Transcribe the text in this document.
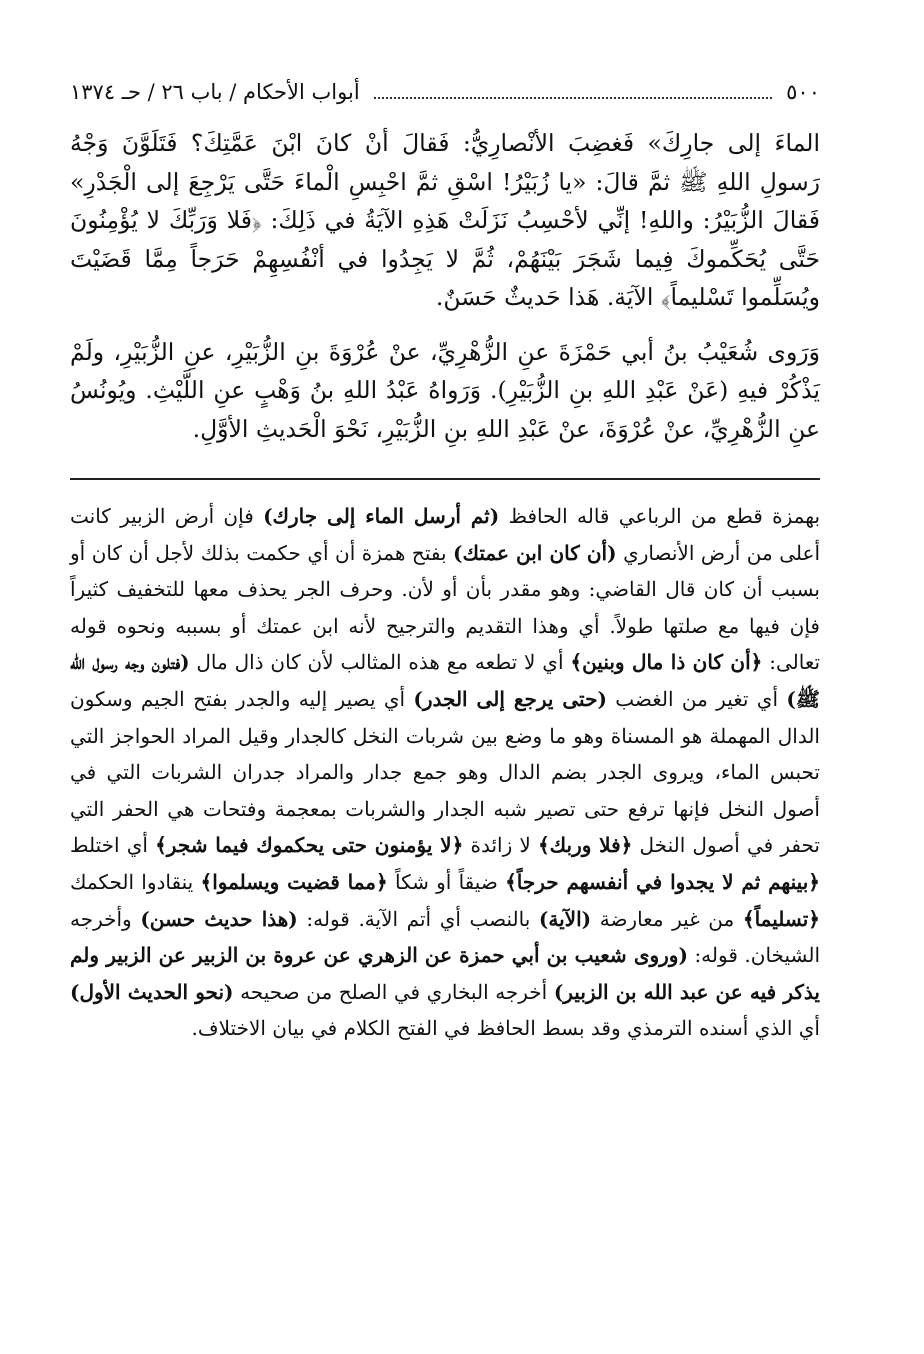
٥٠٠
أبواب الأحكام / باب ٢٦ / حـ ١٣٧٤

الماءَ إلى جارِكَ» فَغضِبَ الأنْصارِيُّ: فَقالَ أنْ كانَ ابْنَ عَمَّتِكَ؟ فَتَلَوَّنَ وَجْهُ رَسولِ اللهِ ﷺ ثمَّ قالَ: «يا زُبَيْرُ! اسْقِ ثمَّ احْبِسِ الْماءَ حَتَّى يَرْجِعَ إلى الْجَدْرِ» فَقالَ الزُّبَيْرُ: واللهِ! إنِّي لأحْسِبُ نَزَلَتْ هَذِهِ الآيَةُ في ذَلِكَ: ﴿فَلا وَرَبِّكَ لا يُؤْمِنُونَ حَتَّى يُحَكِّموكَ فِيما شَجَرَ بَيْنَهُمْ، ثُمَّ لا يَجِدُوا في أنْفُسِهِمْ حَرَجاً مِمَّا قَضَيْتَ ويُسَلِّموا تَسْليماً﴾ الآيَة. هَذا حَديثٌ حَسَنٌ.

وَرَوى شُعَيْبُ بنُ أبي حَمْزَةَ عنِ الزُّهْرِيِّ، عنْ عُرْوَةَ بنِ الزُّبَيْرِ، عنِ الزُّبَيْرِ، ولَمْ يَذْكُرْ فيهِ (عَنْ عَبْدِ اللهِ بنِ الزُّبَيْرِ). وَرَواهُ عَبْدُ اللهِ بنُ وَهْبٍ عنِ اللَّيْثِ. ويُونُسُ عنِ الزُّهْرِيِّ، عنْ عُرْوَةَ، عنْ عَبْدِ اللهِ بنِ الزُّبَيْرِ، نَحْوَ الْحَديثِ الأوَّلِ.

بهمزة قطع من الرباعي قاله الحافظ (ثم أرسل الماء إلى جارك) فإن أرض الزبير كانت أعلى من أرض الأنصاري (أن كان ابن عمتك) بفتح همزة أن أي حكمت بذلك لأجل أن كان أو بسبب أن كان قال القاضي: وهو مقدر بأن أو لأن. وحرف الجر يحذف معها للتخفيف كثيراً فإن فيها مع صلتها طولاً. أي وهذا التقديم والترجيح لأنه ابن عمتك أو بسببه ونحوه قوله تعالى: ﴿أن كان ذا مال وبنين﴾ أي لا تطعه مع هذه المثالب لأن كان ذال مال (فتلون وجه رسول الله ﷺ) أي تغير من الغضب (حتى يرجع إلى الجدر) أي يصير إليه والجدر بفتح الجيم وسكون الدال المهملة هو المسناة وهو ما وضع بين شربات النخل كالجدار وقيل المراد الحواجز التي تحبس الماء، ويروى الجدر بضم الدال وهو جمع جدار والمراد جدران الشربات التي في أصول النخل فإنها ترفع حتى تصير شبه الجدار والشربات بمعجمة وفتحات هي الحفر التي تحفر في أصول النخل ﴿فلا وربك﴾ لا زائدة ﴿لا يؤمنون حتى يحكموك فيما شجر﴾ أي اختلط ﴿بينهم ثم لا يجدوا في أنفسهم حرجاً﴾ ضيقاً أو شكاً ﴿مما قضيت ويسلموا﴾ ينقادوا الحكمك ﴿تسليماً﴾ من غير معارضة (الآية) بالنصب أي أتم الآية. قوله: (هذا حديث حسن) وأخرجه الشيخان. قوله: (وروى شعيب بن أبي حمزة عن الزهري عن عروة بن الزبير عن الزبير ولم يذكر فيه عن عبد الله بن الزبير) أخرجه البخاري في الصلح من صحيحه (نحو الحديث الأول) أي الذي أسنده الترمذي وقد بسط الحافظ في الفتح الكلام في بيان الاختلاف.
